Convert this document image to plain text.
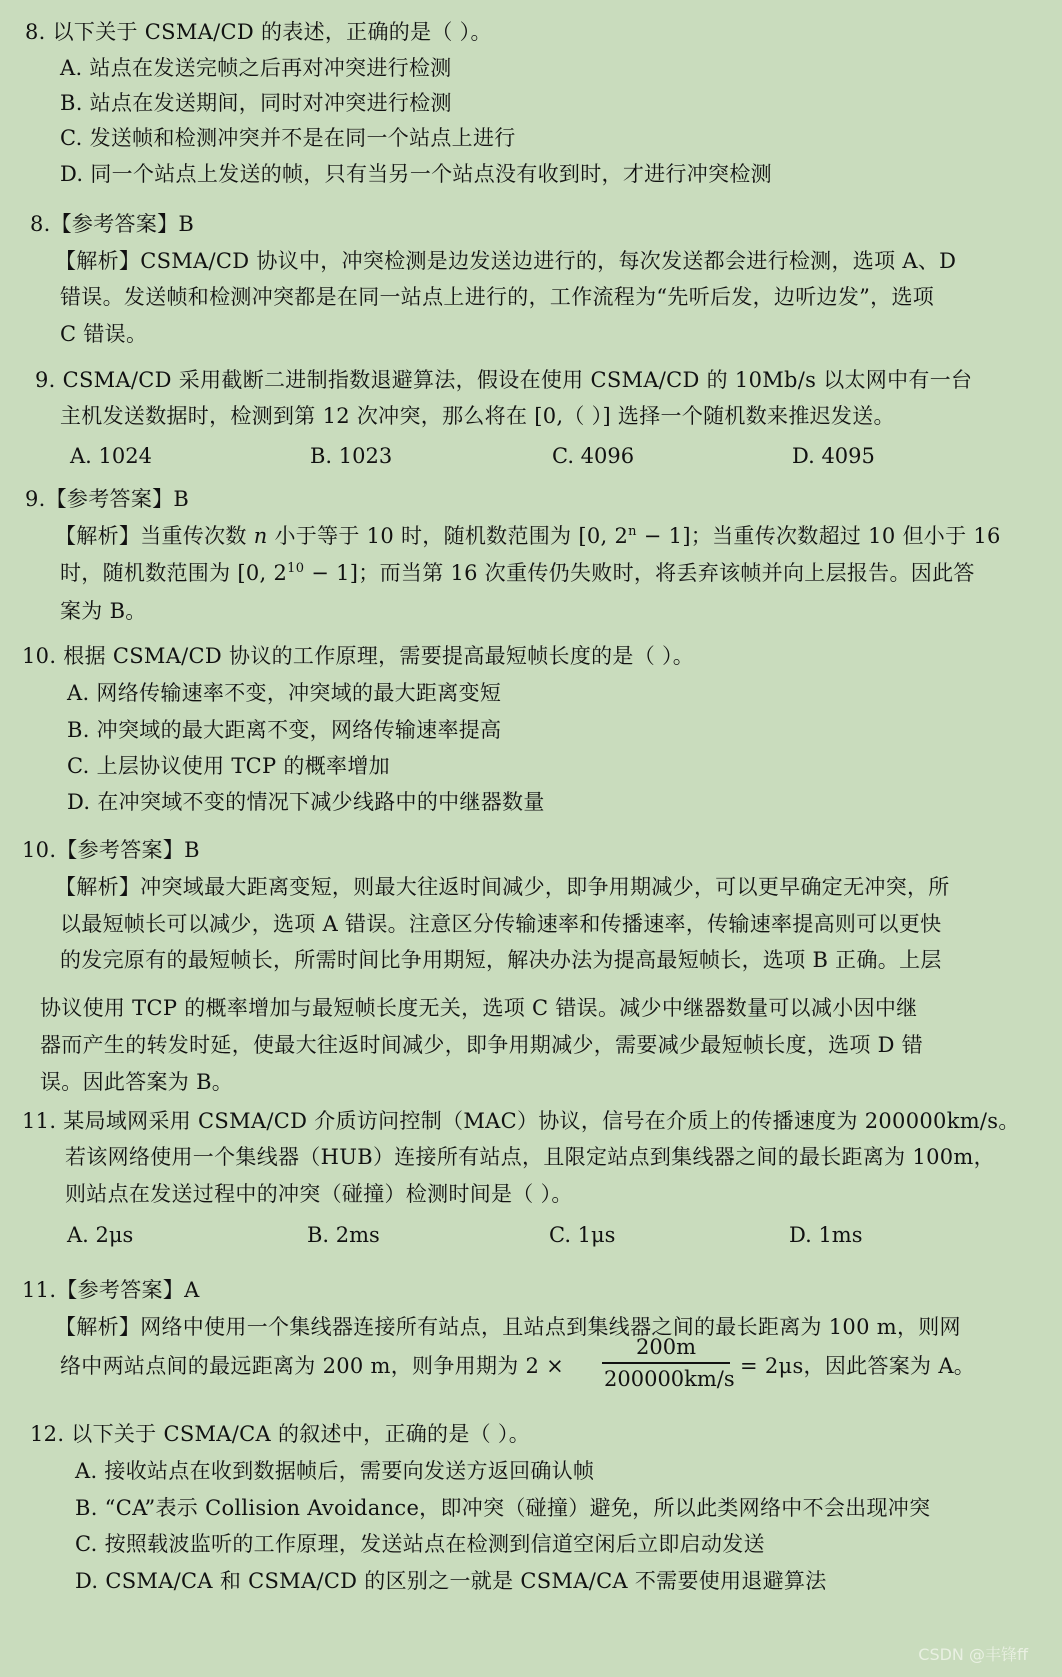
8. 以下关于 CSMA/CD 的表述，正确的是（ ）。
A. 站点在发送完帧之后再对冲突进行检测
B. 站点在发送期间，同时对冲突进行检测
C. 发送帧和检测冲突并不是在同一个站点上进行
D. 同一个站点上发送的帧，只有当另一个站点没有收到时，才进行冲突检测
8.【参考答案】B
【解析】CSMA/CD 协议中，冲突检测是边发送边进行的，每次发送都会进行检测，选项 A、D
错误。发送帧和检测冲突都是在同一站点上进行的，工作流程为“先听后发，边听边发”，选项
C 错误。
9. CSMA/CD 采用截断二进制指数退避算法，假设在使用 CSMA/CD 的 10Mb/s 以太网中有一台
主机发送数据时，检测到第 12 次冲突，那么将在 [0,（ ）] 选择一个随机数来推迟发送。
A. 1024	B. 1023	C. 4096	D. 4095
9.【参考答案】B
【解析】当重传次数 n 小于等于 10 时，随机数范围为 [0, $2^n - 1$]；当重传次数超过 10 但小于 16
时，随机数范围为 [0, $2^{10} - 1$]；而当第 16 次重传仍失败时，将丢弃该帧并向上层报告。因此答
案为 B。
10. 根据 CSMA/CD 协议的工作原理，需要提高最短帧长度的是（ ）。
A. 网络传输速率不变，冲突域的最大距离变短
B. 冲突域的最大距离不变，网络传输速率提高
C. 上层协议使用 TCP 的概率增加
D. 在冲突域不变的情况下减少线路中的中继器数量
10.【参考答案】B
【解析】冲突域最大距离变短，则最大往返时间减少，即争用期减少，可以更早确定无冲突，所
以最短帧长可以减少，选项 A 错误。注意区分传输速率和传播速率，传输速率提高则可以更快
的发完原有的最短帧长，所需时间比争用期短，解决办法为提高最短帧长，选项 B 正确。上层
协议使用 TCP 的概率增加与最短帧长度无关，选项 C 错误。减少中继器数量可以减小因中继
器而产生的转发时延，使最大往返时间减少，即争用期减少，需要减少最短帧长度，选项 D 错
误。因此答案为 B。
11. 某局域网采用 CSMA/CD 介质访问控制（MAC）协议，信号在介质上的传播速度为 200000km/s。
若该网络使用一个集线器（HUB）连接所有站点，且限定站点到集线器之间的最长距离为 100m，
则站点在发送过程中的冲突（碰撞）检测时间是（ ）。
A. 2μs	B. 2ms	C. 1μs	D. 1ms
11.【参考答案】A
【解析】网络中使用一个集线器连接所有站点，且站点到集线器之间的最长距离为 100 m，则网
络中两站点间的最远距离为 200 m，则争用期为 2 ×
200m
200000km/s
= 2μs，因此答案为 A。
12. 以下关于 CSMA/CA 的叙述中，正确的是（ ）。
A. 接收站点在收到数据帧后，需要向发送方返回确认帧
B. “CA”表示 Collision Avoidance，即冲突（碰撞）避免，所以此类网络中不会出现冲突
C. 按照载波监听的工作原理，发送站点在检测到信道空闲后立即启动发送
D. CSMA/CA 和 CSMA/CD 的区别之一就是 CSMA/CA 不需要使用退避算法
CSDN @丰锋ff
